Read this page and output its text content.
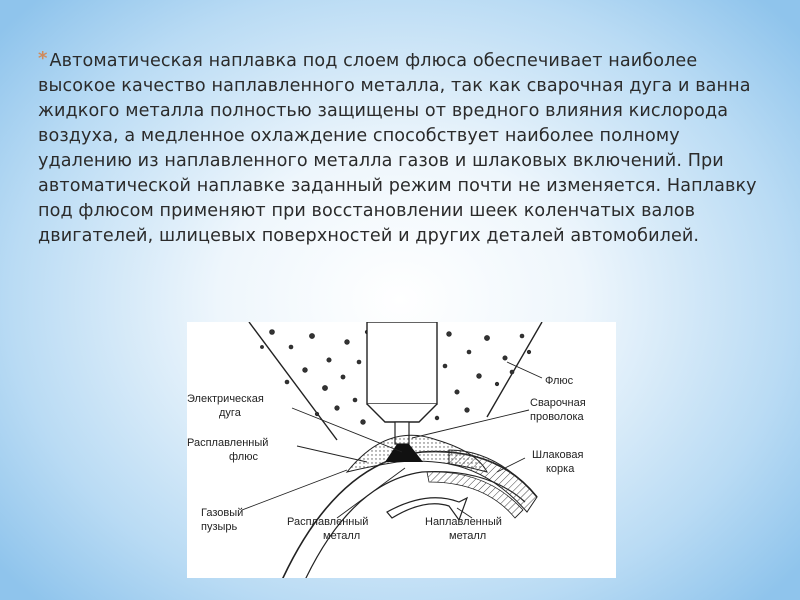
* Автоматическая наплавка под слоем флюса обеспечивает наиболее высокое качество наплавленного металла, так как сварочная дуга и ванна жидкого металла полностью защищены от вредного влияния кислорода воздуха, а медленное охлаждение способствует наиболее полному удалению из наплавленного металла газов и шлаковых включений. При автоматической наплавке заданный режим почти не изменяется. Наплавку под флюсом применяют при восстановлении шеек коленчатых валов двигателей, шлицевых поверхностей и других деталей автомобилей.

Флюс
Электрическая
дуга
Сварочная
проволока
Расплавленный
флюс	Шлаковая
корка
Газовый
пузырь	Расплавленный
металл
Наплавленный
металл
